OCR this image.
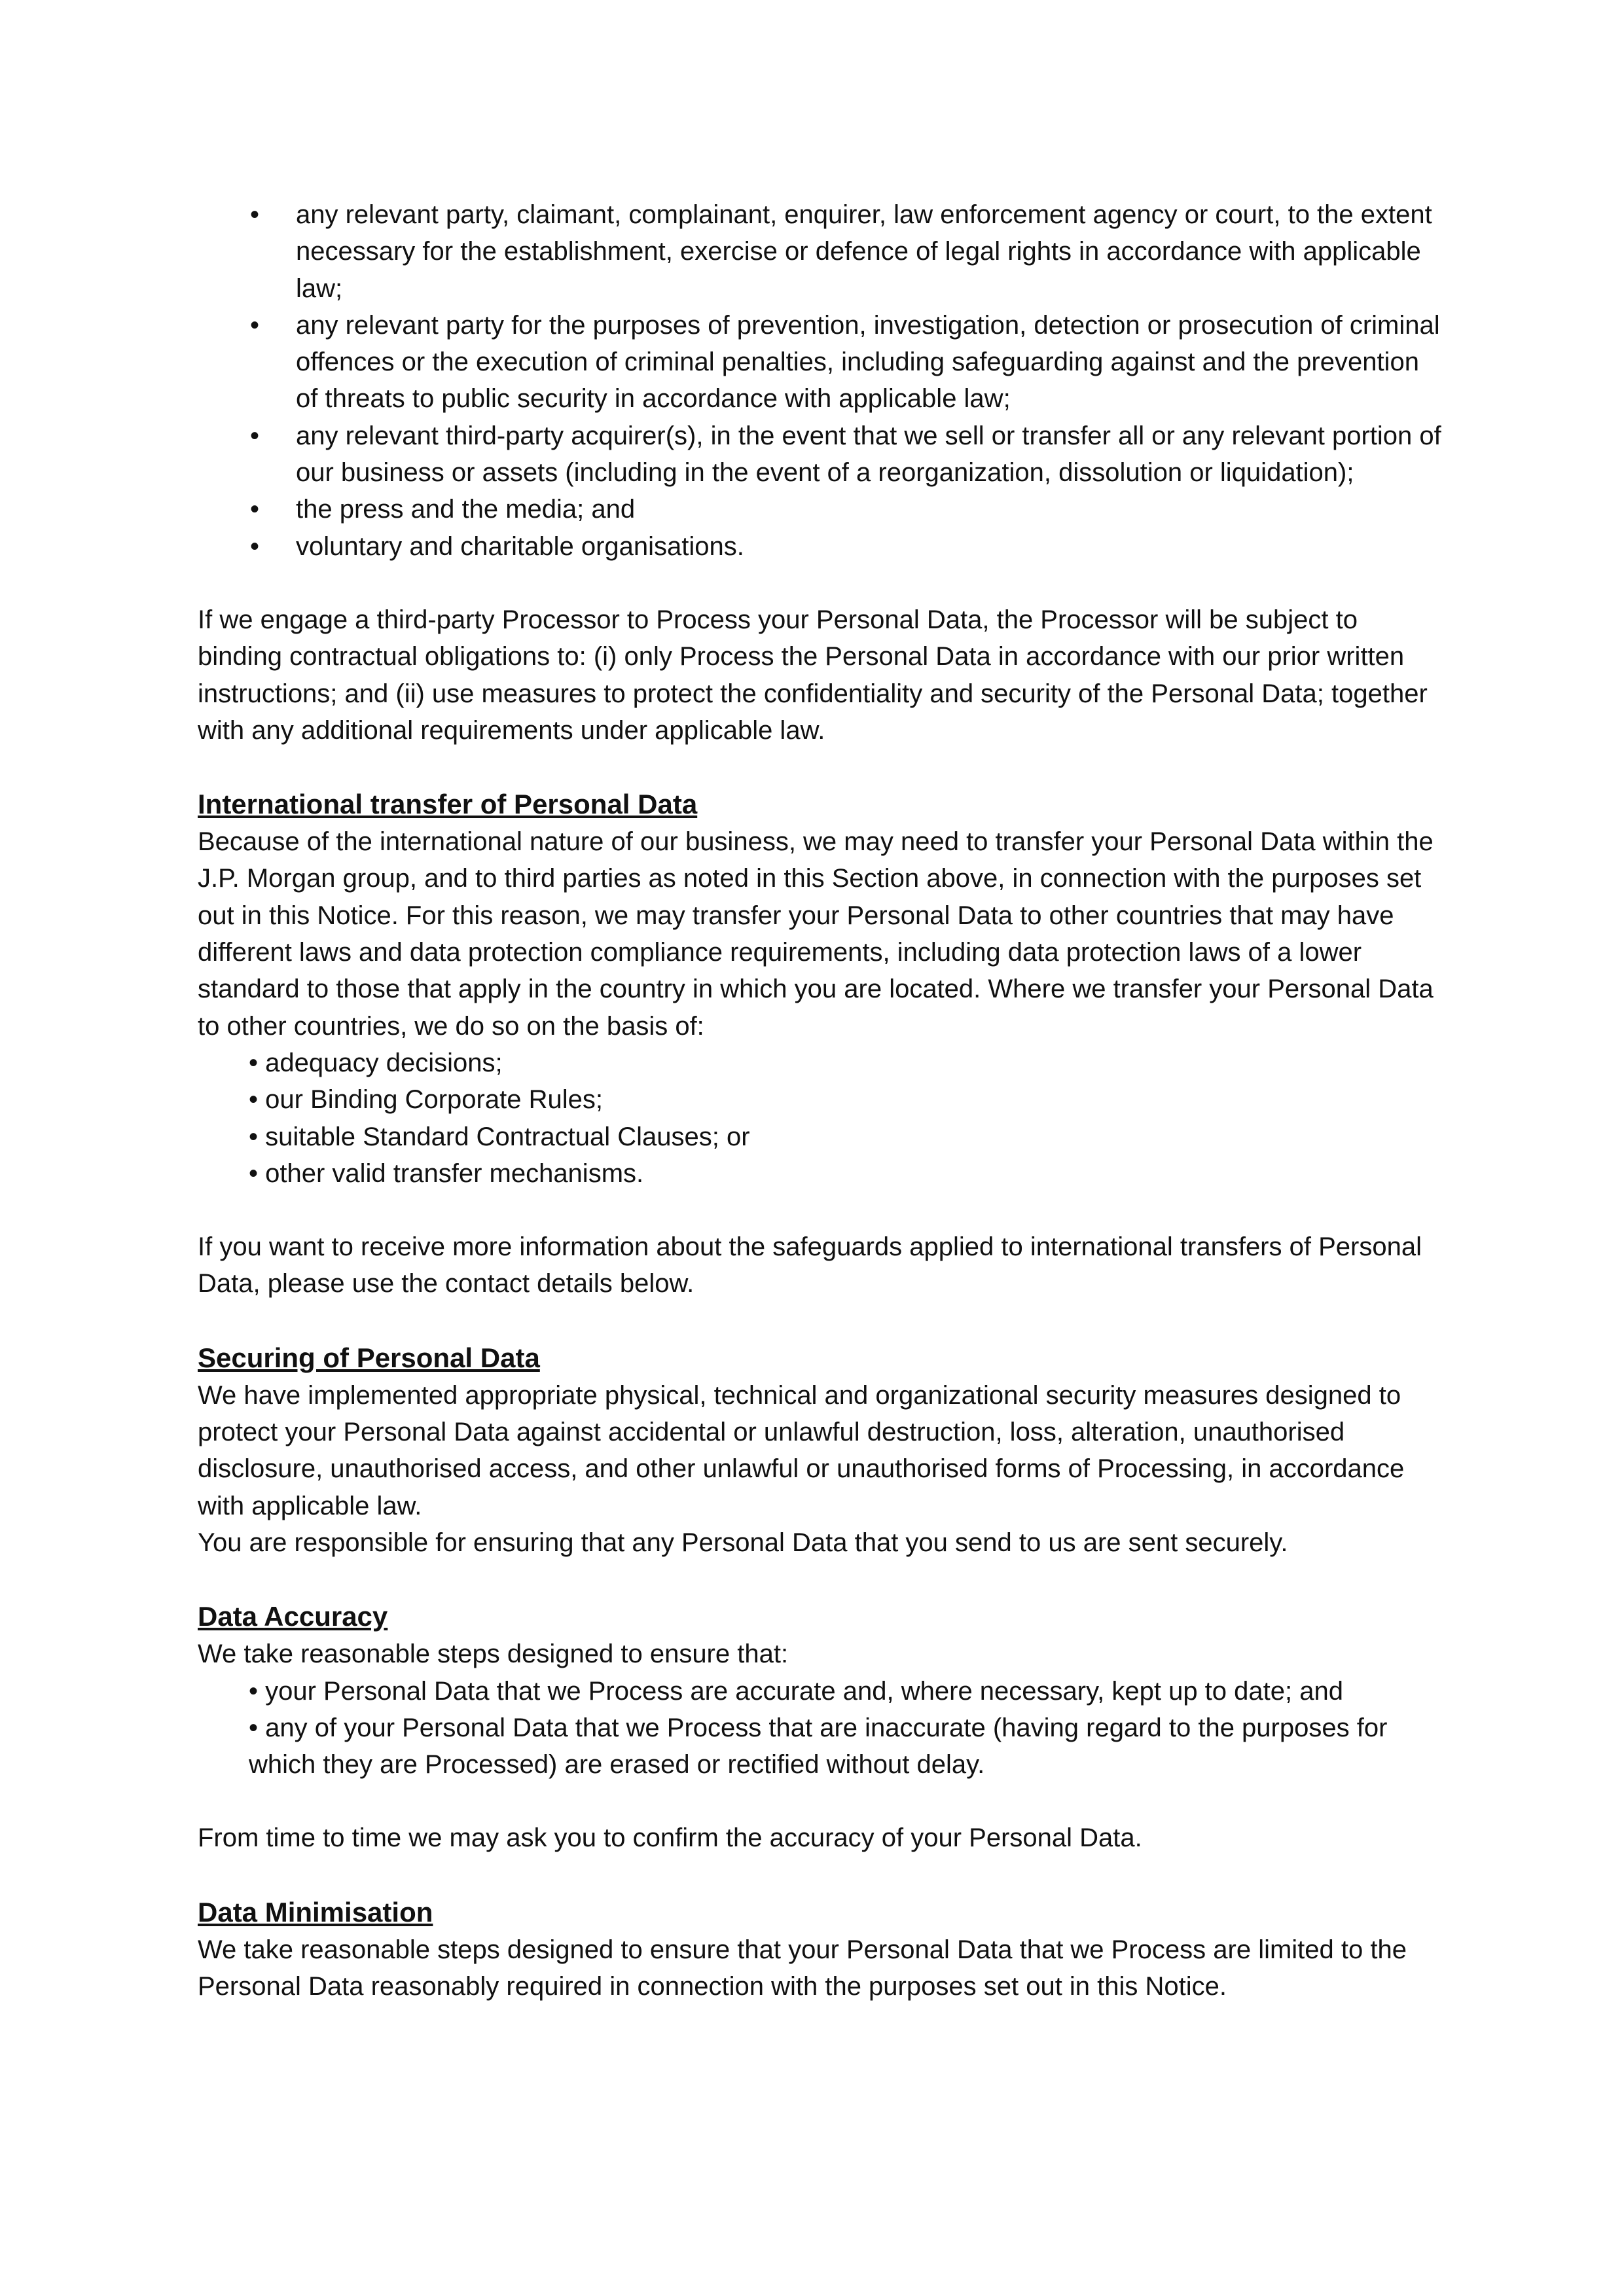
• any relevant party, claimant, complainant, enquirer, law enforcement agency or court, to the extent necessary for the establishment, exercise or defence of legal rights in accordance with applicable law;
• any relevant party for the purposes of prevention, investigation, detection or prosecution of criminal offences or the execution of criminal penalties, including safeguarding against and the prevention of threats to public security in accordance with applicable law;
• any relevant third-party acquirer(s), in the event that we sell or transfer all or any relevant portion of our business or assets (including in the event of a reorganization, dissolution or liquidation);
• the press and the media; and
• voluntary and charitable organisations.

If we engage a third-party Processor to Process your Personal Data, the Processor will be subject to binding contractual obligations to: (i) only Process the Personal Data in accordance with our prior written instructions; and (ii) use measures to protect the confidentiality and security of the Personal Data; together with any additional requirements under applicable law.

International transfer of Personal Data

Because of the international nature of our business, we may need to transfer your Personal Data within the J.P. Morgan group, and to third parties as noted in this Section above, in connection with the purposes set out in this Notice. For this reason, we may transfer your Personal Data to other countries that may have different laws and data protection compliance requirements, including data protection laws of a lower standard to those that apply in the country in which you are located. Where we transfer your Personal Data to other countries, we do so on the basis of:

• adequacy decisions;
• our Binding Corporate Rules;
• suitable Standard Contractual Clauses; or
• other valid transfer mechanisms.

If you want to receive more information about the safeguards applied to international transfers of Personal Data, please use the contact details below.

Securing of Personal Data

We have implemented appropriate physical, technical and organizational security measures designed to protect your Personal Data against accidental or unlawful destruction, loss, alteration, unauthorised disclosure, unauthorised access, and other unlawful or unauthorised forms of Processing, in accordance with applicable law.

You are responsible for ensuring that any Personal Data that you send to us are sent securely.

Data Accuracy

We take reasonable steps designed to ensure that:

• your Personal Data that we Process are accurate and, where necessary, kept up to date; and
• any of your Personal Data that we Process that are inaccurate (having regard to the purposes for which they are Processed) are erased or rectified without delay.

From time to time we may ask you to confirm the accuracy of your Personal Data.

Data Minimisation

We take reasonable steps designed to ensure that your Personal Data that we Process are limited to the Personal Data reasonably required in connection with the purposes set out in this Notice.
